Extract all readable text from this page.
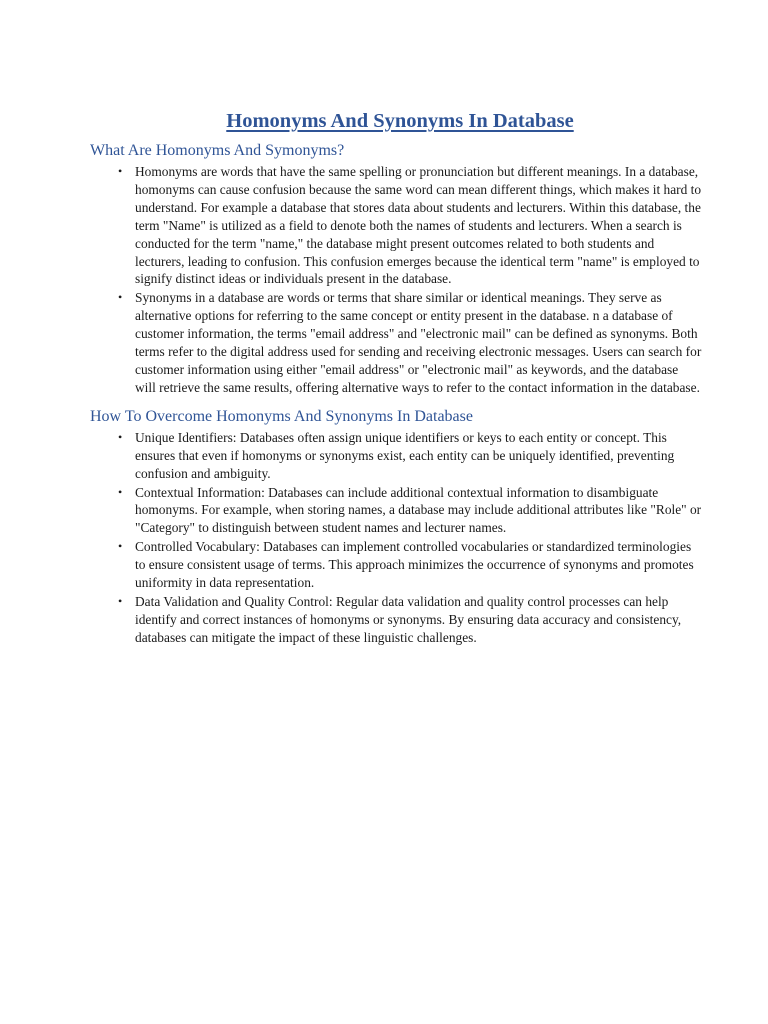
Homonyms And Synonyms In Database
What Are Homonyms And Symonyms?
• Homonyms are words that have the same spelling or pronunciation but different meanings. In a database, homonyms can cause confusion because the same word can mean different things, which makes it hard to understand. For example a database that stores data about students and lecturers. Within this database, the term "Name" is utilized as a field to denote both the names of students and lecturers. When a search is conducted for the term "name," the database might present outcomes related to both students and lecturers, leading to confusion. This confusion emerges because the identical term "name" is employed to signify distinct ideas or individuals present in the database.
• Synonyms in a database are words or terms that share similar or identical meanings. They serve as alternative options for referring to the same concept or entity present in the database. n a database of customer information, the terms "email address" and "electronic mail" can be defined as synonyms. Both terms refer to the digital address used for sending and receiving electronic messages. Users can search for customer information using either "email address" or "electronic mail" as keywords, and the database will retrieve the same results, offering alternative ways to refer to the contact information in the database.
How To Overcome Homonyms And Synonyms In Database
• Unique Identifiers: Databases often assign unique identifiers or keys to each entity or concept. This ensures that even if homonyms or synonyms exist, each entity can be uniquely identified, preventing confusion and ambiguity.
• Contextual Information: Databases can include additional contextual information to disambiguate homonyms. For example, when storing names, a database may include additional attributes like "Role" or "Category" to distinguish between student names and lecturer names.
• Controlled Vocabulary: Databases can implement controlled vocabularies or standardized terminologies to ensure consistent usage of terms. This approach minimizes the occurrence of synonyms and promotes uniformity in data representation.
• Data Validation and Quality Control: Regular data validation and quality control processes can help identify and correct instances of homonyms or synonyms. By ensuring data accuracy and consistency, databases can mitigate the impact of these linguistic challenges.
